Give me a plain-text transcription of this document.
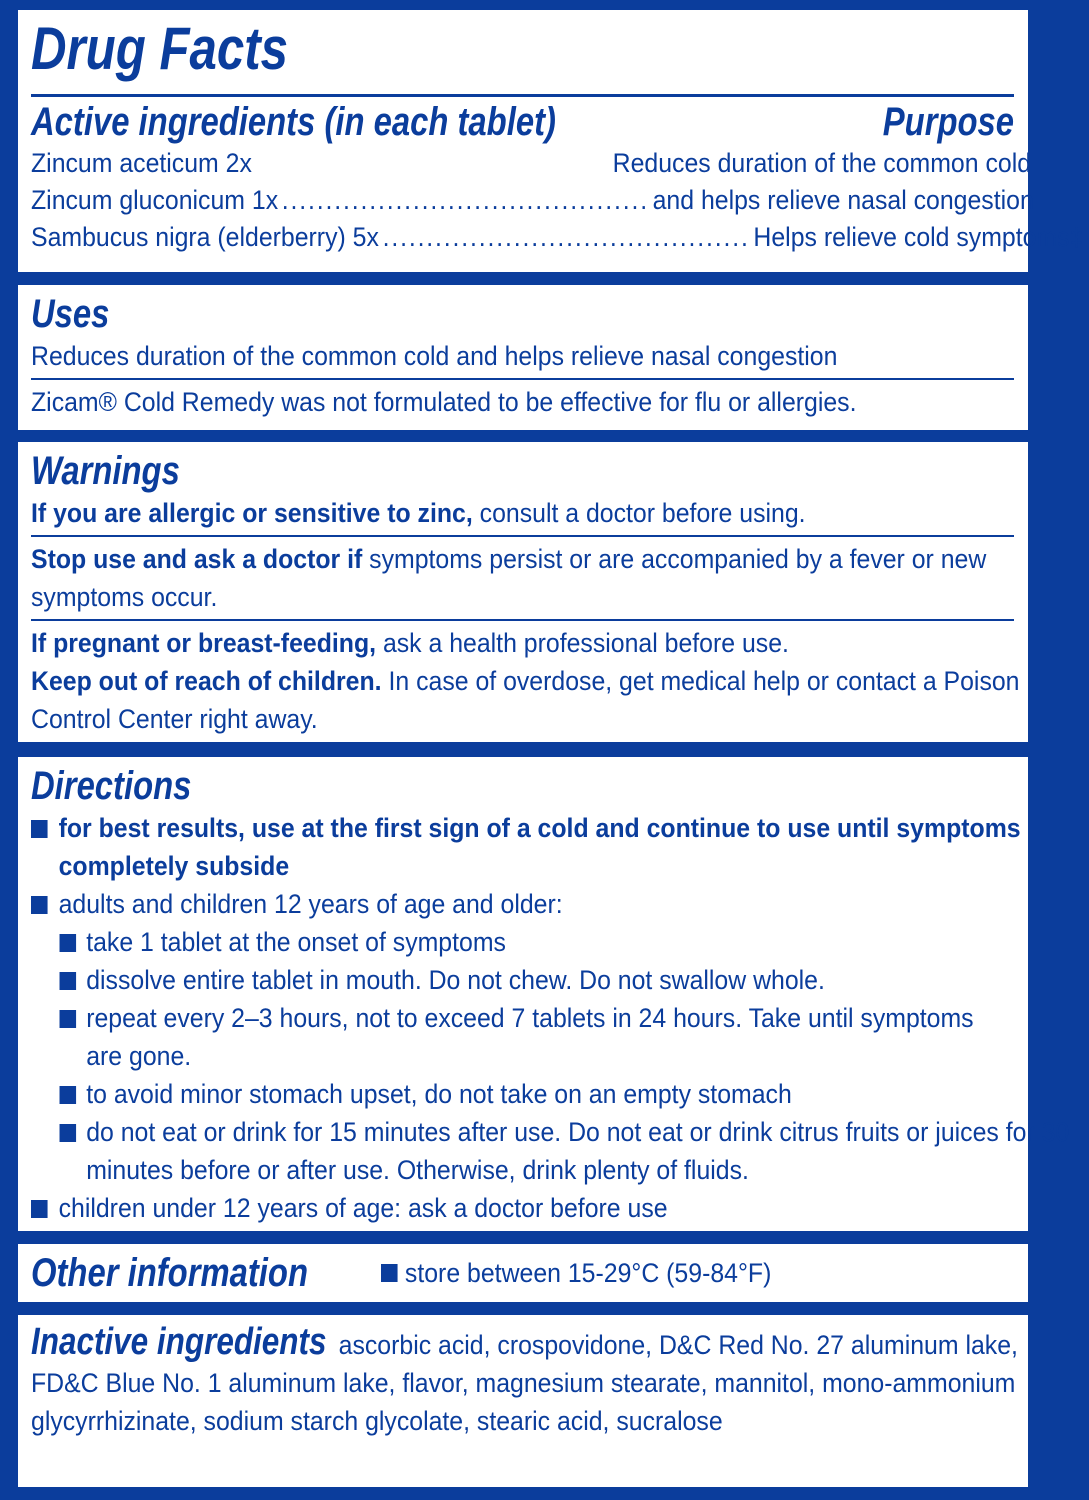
Drug Facts
Active ingredients (in each tablet)	Purpose
Zincum aceticum 2x	Reduces duration of the common cold
Zincum gluconicum 1x .......................................... and helps relieve nasal congestion
Sambucus nigra (elderberry) 5x .......................................... Helps relieve cold symptoms‡
Uses
Reduces duration of the common cold and helps relieve nasal congestion
Zicam® Cold Remedy was not formulated to be effective for flu or allergies.
Warnings
If you are allergic or sensitive to zinc, consult a doctor before using.
Stop use and ask a doctor if symptoms persist or are accompanied by a fever or new symptoms occur.
If pregnant or breast-feeding, ask a health professional before use.
Keep out of reach of children. In case of overdose, get medical help or contact a Poison Control Center right away.
Directions
for best results, use at the first sign of a cold and continue to use until symptoms completely subside
adults and children 12 years of age and older:
take 1 tablet at the onset of symptoms
dissolve entire tablet in mouth. Do not chew. Do not swallow whole.
repeat every 2–3 hours, not to exceed 7 tablets in 24 hours. Take until symptoms are gone.
to avoid minor stomach upset, do not take on an empty stomach
do not eat or drink for 15 minutes after use. Do not eat or drink citrus fruits or juices for 30 minutes before or after use. Otherwise, drink plenty of fluids.
children under 12 years of age: ask a doctor before use
Other information	store between 15-29°C (59-84°F)
Inactive ingredients ascorbic acid, crospovidone, D&C Red No. 27 aluminum lake, FD&C Blue No. 1 aluminum lake, flavor, magnesium stearate, mannitol, mono-ammonium glycyrrhizinate, sodium starch glycolate, stearic acid, sucralose
